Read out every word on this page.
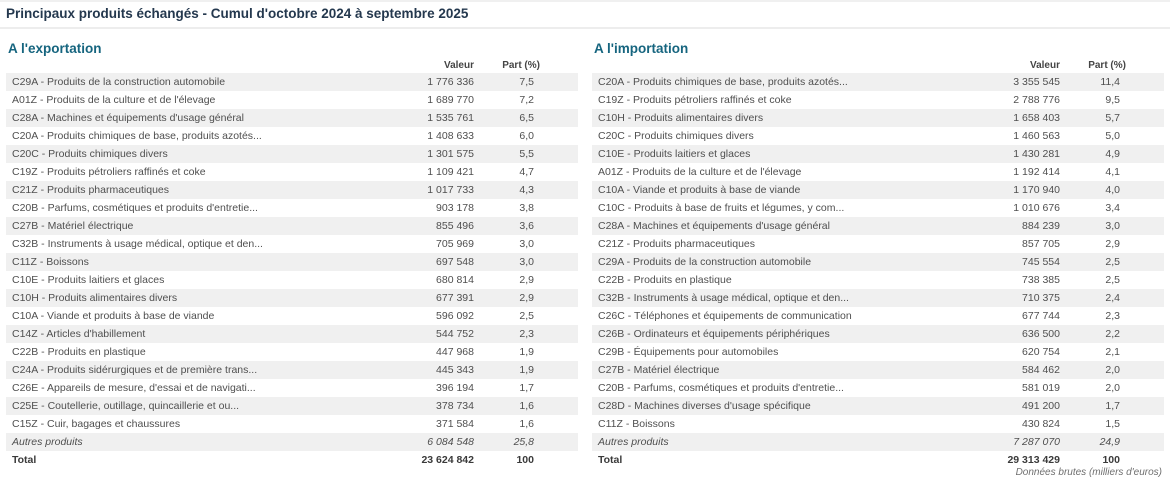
Principaux produits échangés - Cumul d'octobre 2024 à septembre 2025
A l'exportation
Valeur	Part (%)
C29A - Produits de la construction automobile	1 776 336	7,5
A01Z - Produits de la culture et de l'élevage	1 689 770	7,2
C28A - Machines et équipements d'usage général	1 535 761	6,5
C20A - Produits chimiques de base, produits azotés...	1 408 633	6,0
C20C - Produits chimiques divers	1 301 575	5,5
C19Z - Produits pétroliers raffinés et coke	1 109 421	4,7
C21Z - Produits pharmaceutiques	1 017 733	4,3
C20B - Parfums, cosmétiques et produits d'entretie...	903 178	3,8
C27B - Matériel électrique	855 496	3,6
C32B - Instruments à usage médical, optique et den...	705 969	3,0
C11Z - Boissons	697 548	3,0
C10E - Produits laitiers et glaces	680 814	2,9
C10H - Produits alimentaires divers	677 391	2,9
C10A - Viande et produits à base de viande	596 092	2,5
C14Z - Articles d'habillement	544 752	2,3
C22B - Produits en plastique	447 968	1,9
C24A - Produits sidérurgiques et de première trans...	445 343	1,9
C26E - Appareils de mesure, d'essai et de navigati...	396 194	1,7
C25E - Coutellerie, outillage, quincaillerie et ou...	378 734	1,6
C15Z - Cuir, bagages et chaussures	371 584	1,6
Autres produits	6 084 548	25,8
Total	23 624 842	100
A l'importation
Valeur	Part (%)
C20A - Produits chimiques de base, produits azotés...	3 355 545	11,4
C19Z - Produits pétroliers raffinés et coke	2 788 776	9,5
C10H - Produits alimentaires divers	1 658 403	5,7
C20C - Produits chimiques divers	1 460 563	5,0
C10E - Produits laitiers et glaces	1 430 281	4,9
A01Z - Produits de la culture et de l'élevage	1 192 414	4,1
C10A - Viande et produits à base de viande	1 170 940	4,0
C10C - Produits à base de fruits et légumes, y com...	1 010 676	3,4
C28A - Machines et équipements d'usage général	884 239	3,0
C21Z - Produits pharmaceutiques	857 705	2,9
C29A - Produits de la construction automobile	745 554	2,5
C22B - Produits en plastique	738 385	2,5
C32B - Instruments à usage médical, optique et den...	710 375	2,4
C26C - Téléphones et équipements de communication	677 744	2,3
C26B - Ordinateurs et équipements périphériques	636 500	2,2
C29B - Équipements pour automobiles	620 754	2,1
C27B - Matériel électrique	584 462	2,0
C20B - Parfums, cosmétiques et produits d'entretie...	581 019	2,0
C28D - Machines diverses d'usage spécifique	491 200	1,7
C11Z - Boissons	430 824	1,5
Autres produits	7 287 070	24,9
Total	29 313 429	100
Données brutes (milliers d'euros)
